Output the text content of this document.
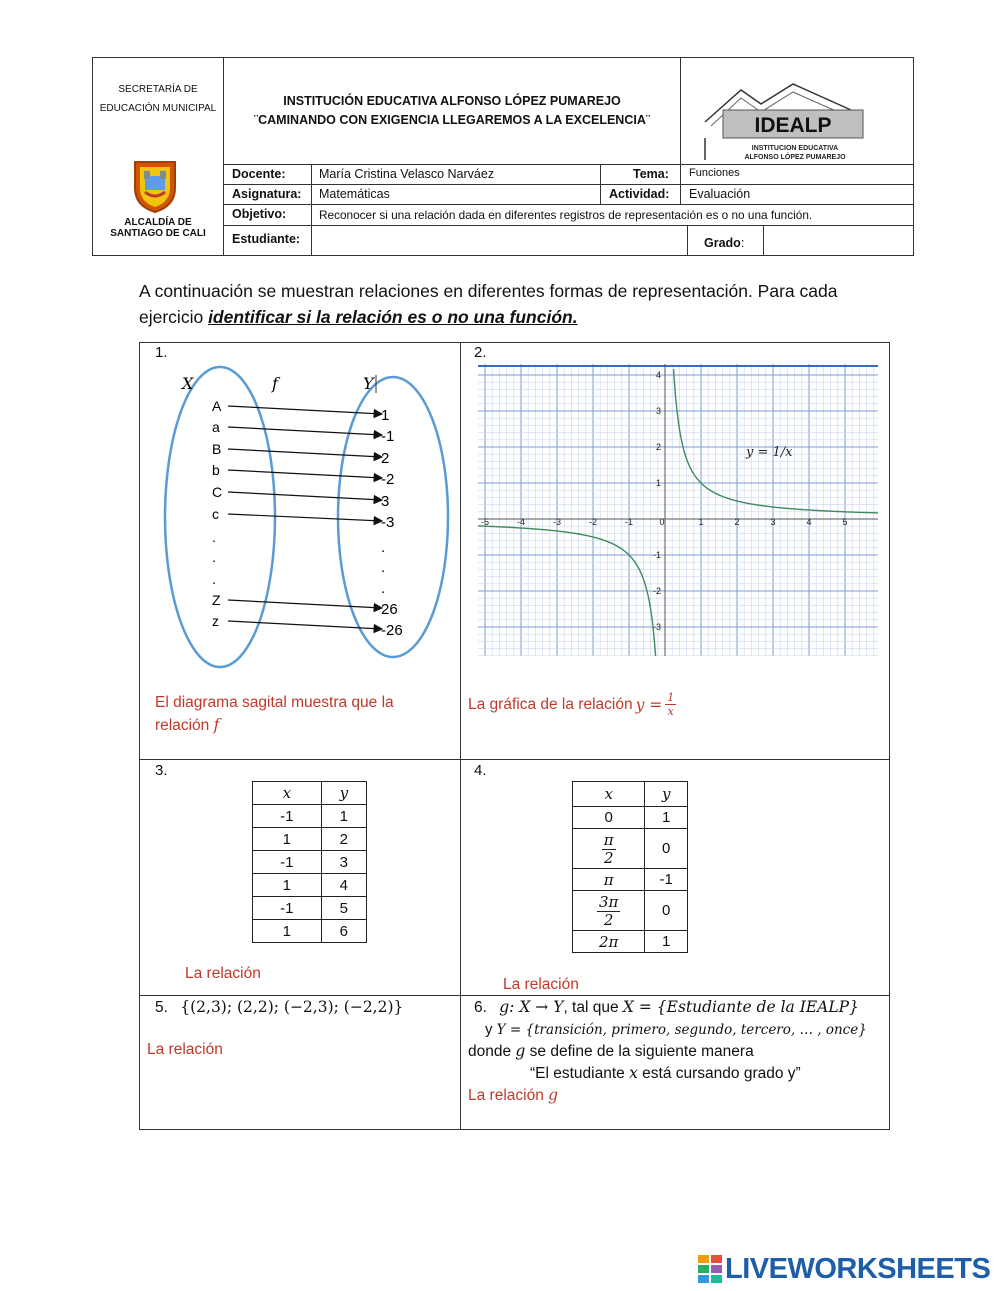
SECRETARÍA DE EDUCACIÓN MUNICIPAL
ALCALDÍA DE
SANTIAGO DE CALI
INSTITUCIÓN EDUCATIVA ALFONSO LÓPEZ PUMAREJO
¨CAMINANDO CON EXIGENCIA LLEGAREMOS A LA EXCELENCIA¨	IDEALP
INSTITUCION EDUCATIVA
ALFONSO LÓPEZ PUMAREJO
Docente:	María Cristina Velasco Narváez	Tema: Funciones
Asignatura: Matemáticas	Actividad: Evaluación
Objetivo:	Reconocer si una relación dada en diferentes registros de representación es o no una función.
Estudiante:	Grado:
A continuación se muestran relaciones en diferentes formas de representación. Para cada ejercicio identificar si la relación es o no una función.
1.
X	f	Y
A
a
B
b
C
c
.
.
.
Z
z
1
-1
2
-2
3
-3
.
.
.
26
-26
El diagrama sagital muestra que la
relación f
2.
-5	-4	-3	-2	-1	0	1	2	3	4	5
-3
-2
-1
1
2
3
4
y = 1/x
La gráfica de la relación $y = \frac{1}{x}$
3.
x	y
-1	1
1	2
-1	3
1	4
-1	5
1	6
La relación
4.
x	y
0	1

$\frac{\pi}{2}$	0
π	-1

$\frac{3\pi}{2}$	0
2π	1
La relación
5. {(2,3); (2,2); (−2,3); (−2,2)}
La relación
6. g: X → Y, tal que X = {Estudiante de la IEALP}
y Y = {transición, primero, segundo, tercero, … , once}
donde g se define de la siguiente manera
“El estudiante x está cursando grado y”
La relación g
LIVEWORKSHEETS
